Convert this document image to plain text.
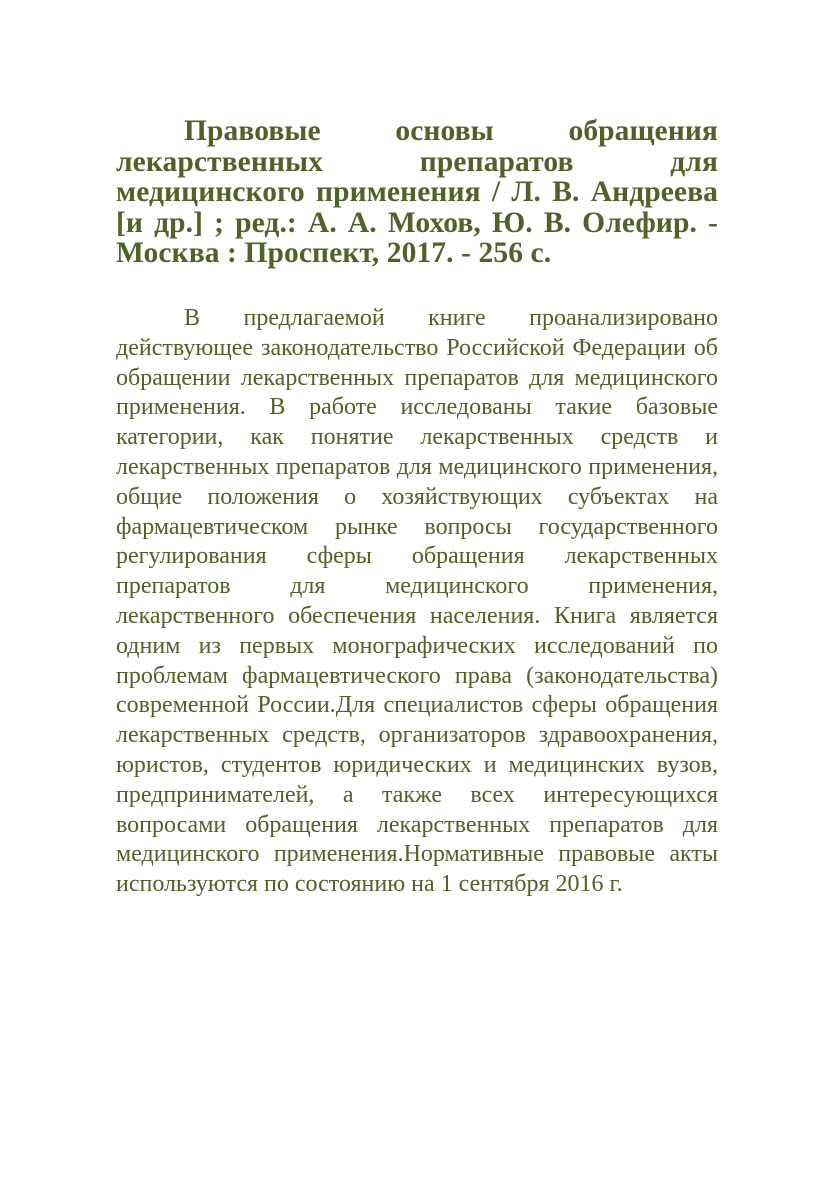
Правовые основы обращения лекарственных препаратов для медицинского применения / Л. В. Андреева [и др.] ; ред.: А. А. Мохов, Ю. В. Олефир. - Москва : Проспект, 2017. - 256 с.

В предлагаемой книге проанализировано действующее законодательство Российской Федерации об обращении лекарственных препаратов для медицинского применения. В работе исследованы такие базовые категории, как понятие лекарственных средств и лекарственных препаратов для медицинского применения, общие положения о хозяйствующих субъектах на фармацевтическом рынке вопросы государственного регулирования сферы обращения лекарственных препаратов для медицинского применения, лекарственного обеспечения населения. Книга является одним из первых монографических исследований по проблемам фармацевтического права (законодательства) современной России.Для специалистов сферы обращения лекарственных средств, организаторов здравоохранения, юристов, студентов юридических и медицинских вузов, предпринимателей, а также всех интересующихся вопросами обращения лекарственных препаратов для медицинского применения.Нормативные правовые акты используются по состоянию на 1 сентября 2016 г.
